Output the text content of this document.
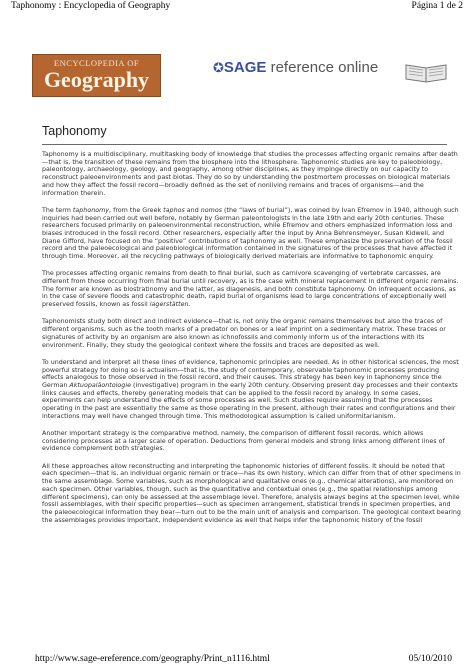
Taphonomy : Encyclopedia of Geography	Página 1 de 2
ENCYCLOPEDIA OF
Geography	✪SAGE reference online
Taphonomy

Taphonomy is a multidisciplinary, multitasking body of knowledge that studies the processes affecting organic remains after death—that is, the transition of these remains from the biosphere into the lithosphere. Taphonomic studies are key to paleobiology, paleontology, archaeology, geology, and geography, among other disciplines, as they impinge directly on our capacity to reconstruct paleoenvironments and past biotas. They do so by understanding the postmortem processes on biological materials and how they affect the fossil record—broadly defined as the set of nonliving remains and traces of organisms—and the information therein.

The term taphonomy, from the Greek taphos and nomos (the “laws of burial”), was coined by Ivan Efremov in 1940, although such inquiries had been carried out well before, notably by German paleontologists in the late 19th and early 20th centuries. These researchers focused primarily on paleoenvironmental reconstruction, while Efremov and others emphasized information loss and biases introduced in the fossil record. Other researchers, especially after the input by Anna Behrensmeyer, Susan Kidwell, and Diane Gifford, have focused on the “positive” contributions of taphonomy as well. These emphasize the preservation of the fossil record and the paleoecological and paleobiological information contained in the signatures of the processes that have affected it through time. Moreover, all the recycling pathways of biologically derived materials are informative to taphonomic enquiry.

The processes affecting organic remains from death to final burial, such as carnivore scavenging of vertebrate carcasses, are different from those occurring from final burial until recovery, as is the case with mineral replacement in different organic remains. The former are known as biostratinomy and the latter, as diagenesis, and both constitute taphonomy. On infrequent occasions, as in the case of severe floods and catastrophic death, rapid burial of organisms lead to large concentrations of exceptionally well preserved fossils, known as fossil lagerstätten.

Taphonomists study both direct and indirect evidence—that is, not only the organic remains themselves but also the traces of different organisms, such as the tooth marks of a predator on bones or a leaf imprint on a sedimentary matrix. These traces or signatures of activity by an organism are also known as ichnofossils and commonly inform us of the interactions with its environment. Finally, they study the geological context where the fossils and traces are deposited as well.

To understand and interpret all these lines of evidence, taphonomic principles are needed. As in other historical sciences, the most powerful strategy for doing so is actualism—that is, the study of contemporary, observable taphonomic processes producing effects analogous to those observed in the fossil record, and their causes. This strategy has been key in taphonomy since the German Aktuopaläontologie (investigative) program in the early 20th century. Observing present day processes and their contexts links causes and effects, thereby generating models that can be applied to the fossil record by analogy. In some cases, experiments can help understand the effects of some processes as well. Such studies require assuming that the processes operating in the past are essentially the same as those operating in the present, although their rates and configurations and their interactions may well have changed through time. This methodological assumption is called uniformitarianism.

Another important strategy is the comparative method, namely, the comparison of different fossil records, which allows considering processes at a larger scale of operation. Deductions from general models and strong links among different lines of evidence complement both strategies.

All these approaches allow reconstructing and interpreting the taphonomic histories of different fossils. It should be noted that each specimen—that is, an individual organic remain or trace—has its own history, which can differ from that of other specimens in the same assemblage. Some variables, such as morphological and qualitative ones (e.g., chemical alterations), are monitored on each specimen. Other variables, though, such as the quantitative and contextual ones (e.g., the spatial relationships among different specimens), can only be assessed at the assemblage level. Therefore, analysis always begins at the specimen level, while fossil assemblages, with their specific properties—such as specimen arrangement, statistical trends in specimen properties, and the paleoecological information they bear—turn out to be the main unit of analysis and comparison. The geological context bearing the assemblages provides important, independent evidence as well that helps infer the taphonomic history of the fossil

http://www.sage-ereference.com/geography/Print_n1116.html	05/10/2010
